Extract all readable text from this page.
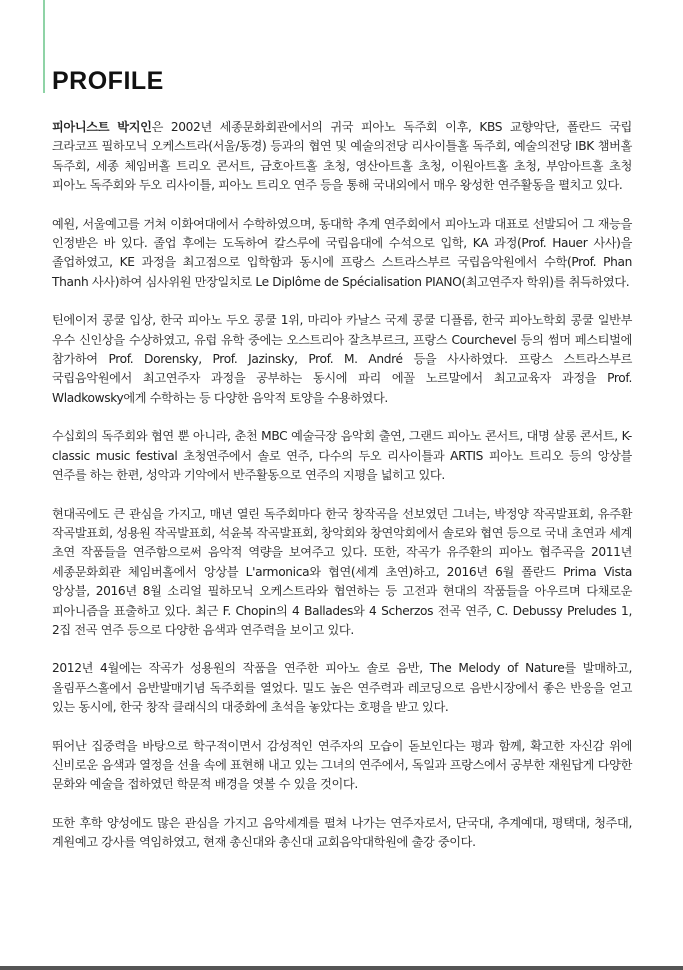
PROFILE

피아니스트 박지인은 2002년 세종문화회관에서의 귀국 피아노 독주회 이후, KBS 교향악단, 폴란드 국립 크라코프 필하모닉 오케스트라(서울/동경) 등과의 협연 및 예술의전당 리사이틀홀 독주회, 예술의전당 IBK 챔버홀 독주회, 세종 체임버홀 트리오 콘서트, 금호아트홀 초청, 영산아트홀 초청, 이원아트홀 초청, 부암아트홀 초청 피아노 독주회와 두오 리사이틀, 피아노 트리오 연주 등을 통해 국내외에서 매우 왕성한 연주활동을 펼치고 있다.

예원, 서울예고를 거쳐 이화여대에서 수학하였으며, 동대학 추계 연주회에서 피아노과 대표로 선발되어 그 재능을 인정받은 바 있다. 졸업 후에는 도독하여 칼스루에 국립음대에 수석으로 입학, KA 과정(Prof. Hauer 사사)을 졸업하였고, KE 과정을 최고점으로 입학함과 동시에 프랑스 스트라스부르 국립음악원에서 수학(Prof. Phan Thanh 사사)하여 심사위원 만장일치로 Le Diplôme de Spécialisation PIANO(최고연주자 학위)를 취득하였다.

틴에이저 콩쿨 입상, 한국 피아노 두오 콩쿨 1위, 마리아 카날스 국제 콩쿨 디플롬, 한국 피아노학회 콩쿨 일반부 우수 신인상을 수상하였고, 유럽 유학 중에는 오스트리아 잘츠부르크, 프랑스 Courchevel 등의 썸머 페스티벌에 참가하여 Prof. Dorensky, Prof. Jazinsky, Prof. M. André 등을 사사하였다. 프랑스 스트라스부르 국립음악원에서 최고연주자 과정을 공부하는 동시에 파리 에꼴 노르말에서 최고교육자 과정을 Prof. Wladkowsky에게 수학하는 등 다양한 음악적 토양을 수용하였다.

수십회의 독주회와 협연 뿐 아니라, 춘천 MBC 예술극장 음악회 출연, 그랜드 피아노 콘서트, 대명 살롱 콘서트, K-classic music festival 초청연주에서 솔로 연주, 다수의 두오 리사이틀과 ARTIS 피아노 트리오 등의 앙상블 연주를 하는 한편, 성악과 기악에서 반주활동으로 연주의 지평을 넓히고 있다.

현대곡에도 큰 관심을 가지고, 매년 열린 독주회마다 한국 창작곡을 선보였던 그녀는, 박정양 작곡발표회, 유주환 작곡발표회, 성용원 작곡발표회, 석윤복 작곡발표회, 창악회와 창연악회에서 솔로와 협연 등으로 국내 초연과 세계 초연 작품들을 연주함으로써 음악적 역량을 보여주고 있다. 또한, 작곡가 유주환의 피아노 협주곡을 2011년 세종문화회관 체임버홀에서 앙상블 L'armonica와 협연(세계 초연)하고, 2016년 6월 폴란드 Prima Vista 앙상블, 2016년 8월 소리얼 필하모닉 오케스트라와 협연하는 등 고전과 현대의 작품들을 아우르며 다채로운 피아니즘을 표출하고 있다. 최근 F. Chopin의 4 Ballades와 4 Scherzos 전곡 연주, C. Debussy Preludes 1, 2집 전곡 연주 등으로 다양한 음색과 연주력을 보이고 있다.

2012년 4월에는 작곡가 성용원의 작품을 연주한 피아노 솔로 음반, The Melody of Nature를 발매하고, 올림푸스홀에서 음반발매기념 독주회를 열었다. 밀도 높은 연주력과 레코딩으로 음반시장에서 좋은 반응을 얻고 있는 동시에, 한국 창작 클래식의 대중화에 초석을 놓았다는 호평을 받고 있다.

뛰어난 집중력을 바탕으로 학구적이면서 감성적인 연주자의 모습이 돋보인다는 평과 함께, 확고한 자신감 위에 신비로운 음색과 열정을 선율 속에 표현해 내고 있는 그녀의 연주에서, 독일과 프랑스에서 공부한 재원답게 다양한 문화와 예술을 접하였던 학문적 배경을 엿볼 수 있을 것이다.

또한 후학 양성에도 많은 관심을 가지고 음악세계를 펼쳐 나가는 연주자로서, 단국대, 추계예대, 평택대, 청주대, 계원예고 강사를 역임하였고, 현재 총신대와 총신대 교회음악대학원에 출강 중이다.
